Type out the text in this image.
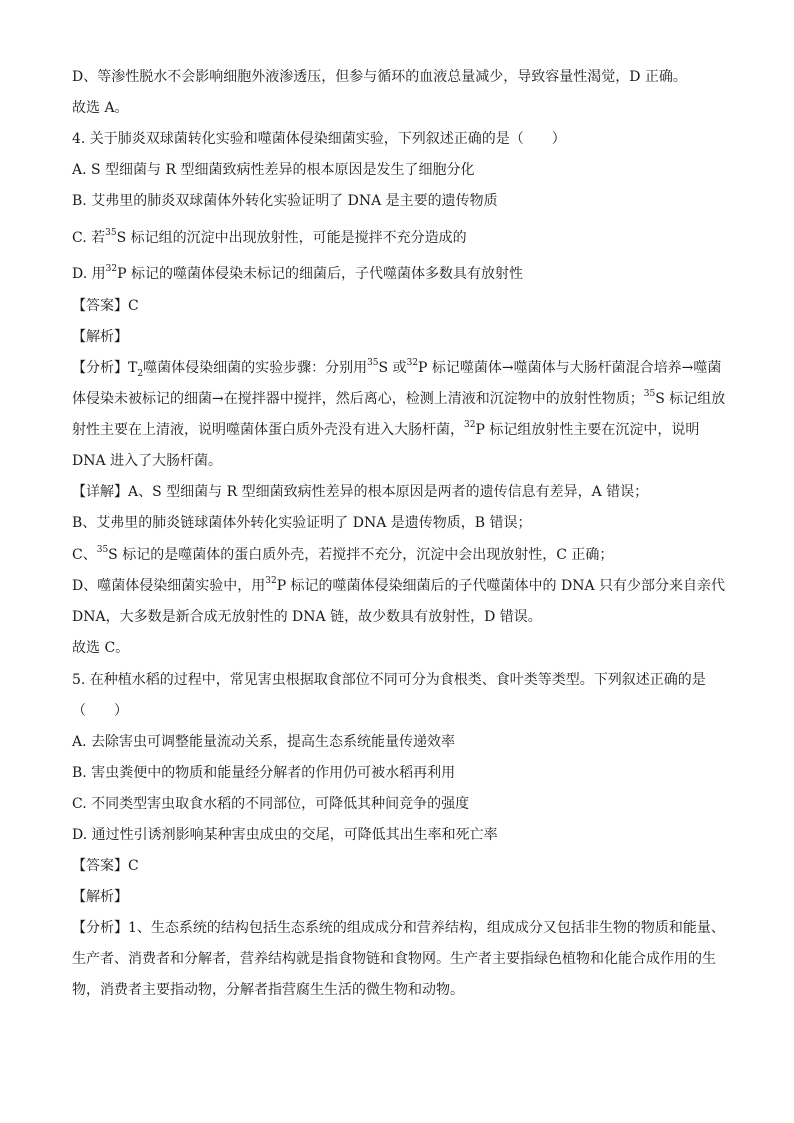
D、等渗性脱水不会影响细胞外液渗透压，但参与循环的血液总量减少，导致容量性渴觉，D 正确。
故选 A。
4. 关于肺炎双球菌转化实验和噬菌体侵染细菌实验，下列叙述正确的是（　　）
A. S 型细菌与 R 型细菌致病性差异的根本原因是发生了细胞分化
B. 艾弗里的肺炎双球菌体外转化实验证明了 DNA 是主要的遗传物质
C. 若$^{35}$S 标记组的沉淀中出现放射性，可能是搅拌不充分造成的
D. 用$^{32}$P 标记的噬菌体侵染未标记的细菌后，子代噬菌体多数具有放射性
【答案】C
【解析】
【分析】$T_2$噬菌体侵染细菌的实验步骤：分别用$^{35}$S 或$^{32}$P 标记噬菌体→噬菌体与大肠杆菌混合培养→噬菌体侵染未被标记的细菌→在搅拌器中搅拌，然后离心，检测上清液和沉淀物中的放射性物质；$^{35}$S 标记组放射性主要在上清液，说明噬菌体蛋白质外壳没有进入大肠杆菌，$^{32}$P 标记组放射性主要在沉淀中，说明 DNA 进入了大肠杆菌。
【详解】A、S 型细菌与 R 型细菌致病性差异的根本原因是两者的遗传信息有差异，A 错误；
B、艾弗里的肺炎链球菌体外转化实验证明了 DNA 是遗传物质，B 错误；
C、$^{35}$S 标记的是噬菌体的蛋白质外壳，若搅拌不充分，沉淀中会出现放射性，C 正确；
D、噬菌体侵染细菌实验中，用$^{32}$P 标记的噬菌体侵染细菌后的子代噬菌体中的 DNA 只有少部分来自亲代 DNA，大多数是新合成无放射性的 DNA 链，故少数具有放射性，D 错误。
故选 C。
5. 在种植水稻的过程中，常见害虫根据取食部位不同可分为食根类、食叶类等类型。下列叙述正确的是（　　）
A. 去除害虫可调整能量流动关系，提高生态系统能量传递效率
B. 害虫粪便中的物质和能量经分解者的作用仍可被水稻再利用
C. 不同类型害虫取食水稻的不同部位，可降低其种间竞争的强度
D. 通过性引诱剂影响某种害虫成虫的交尾，可降低其出生率和死亡率
【答案】C
【解析】
【分析】1、生态系统的结构包括生态系统的组成成分和营养结构，组成成分又包括非生物的物质和能量、生产者、消费者和分解者，营养结构就是指食物链和食物网。生产者主要指绿色植物和化能合成作用的生物，消费者主要指动物，分解者指营腐生生活的微生物和动物。
